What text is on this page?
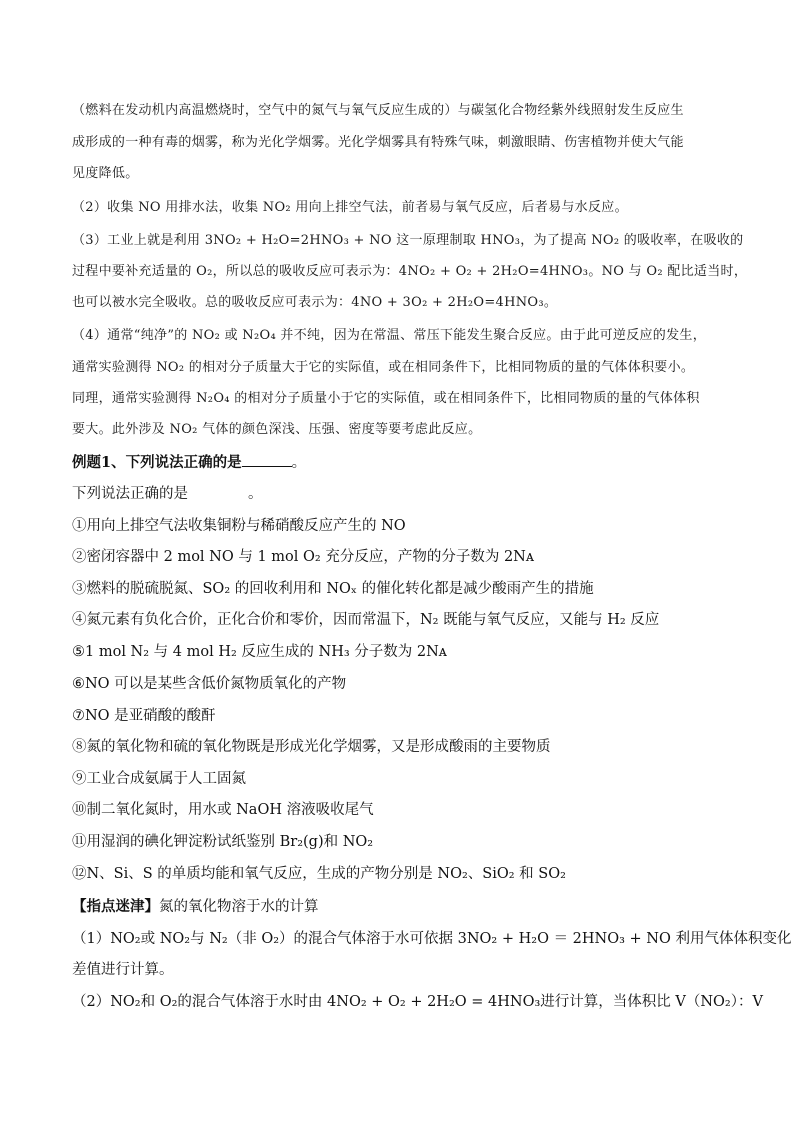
（燃料在发动机内高温燃烧时，空气中的氮气与氧气反应生成的）与碳氢化合物经紫外线照射发生反应生
成形成的一种有毒的烟雾，称为光化学烟雾。光化学烟雾具有特殊气味，刺激眼睛、伤害植物并使大气能
见度降低。
（2）收集 NO 用排水法，收集 NO₂ 用向上排空气法，前者易与氧气反应，后者易与水反应。
（3）工业上就是利用 3NO₂ + H₂O=2HNO₃ + NO 这一原理制取 HNO₃，为了提高 NO₂ 的吸收率，在吸收的
过程中要补充适量的 O₂，所以总的吸收反应可表示为：4NO₂ + O₂ + 2H₂O=4HNO₃。NO 与 O₂ 配比适当时，
也可以被水完全吸收。总的吸收反应可表示为：4NO + 3O₂ + 2H₂O=4HNO₃。
（4）通常“纯净”的 NO₂ 或 N₂O₄ 并不纯，因为在常温、常压下能发生聚合反应。由于此可逆反应的发生，
通常实验测得 NO₂ 的相对分子质量大于它的实际值，或在相同条件下，比相同物质的量的气体体积要小。
同理，通常实验测得 N₂O₄ 的相对分子质量小于它的实际值，或在相同条件下，比相同物质的量的气体体积
要大。此外涉及 NO₂ 气体的颜色深浅、压强、密度等要考虑此反应。
例题1、下列说法正确的是	。
下列说法正确的是	。
①用向上排空气法收集铜粉与稀硝酸反应产生的 NO
②密闭容器中 2 mol NO 与 1 mol O₂ 充分反应，产物的分子数为 2Nᴀ
③燃料的脱硫脱氮、SO₂ 的回收利用和 NOₓ 的催化转化都是减少酸雨产生的措施
④氮元素有负化合价，正化合价和零价，因而常温下，N₂ 既能与氧气反应，又能与 H₂ 反应
⑤1 mol N₂ 与 4 mol H₂ 反应生成的 NH₃ 分子数为 2Nᴀ
⑥NO 可以是某些含低价氮物质氧化的产物
⑦NO 是亚硝酸的酸酐
⑧氮的氧化物和硫的氧化物既是形成光化学烟雾，又是形成酸雨的主要物质
⑨工业合成氨属于人工固氮
⑩制二氧化氮时，用水或 NaOH 溶液吸收尾气
⑪用湿润的碘化钾淀粉试纸鉴别 Br₂(g)和 NO₂
⑫N、Si、S 的单质均能和氧气反应，生成的产物分别是 NO₂、SiO₂ 和 SO₂
【指点迷津】氮的氧化物溶于水的计算
（1）NO₂或 NO₂与 N₂（非 O₂）的混合气体溶于水可依据 3NO₂ + H₂O ＝ 2HNO₃ + NO 利用气体体积变化
差值进行计算。
（2）NO₂和 O₂的混合气体溶于水时由 4NO₂ + O₂ + 2H₂O = 4HNO₃进行计算，当体积比 V（NO₂）：V
